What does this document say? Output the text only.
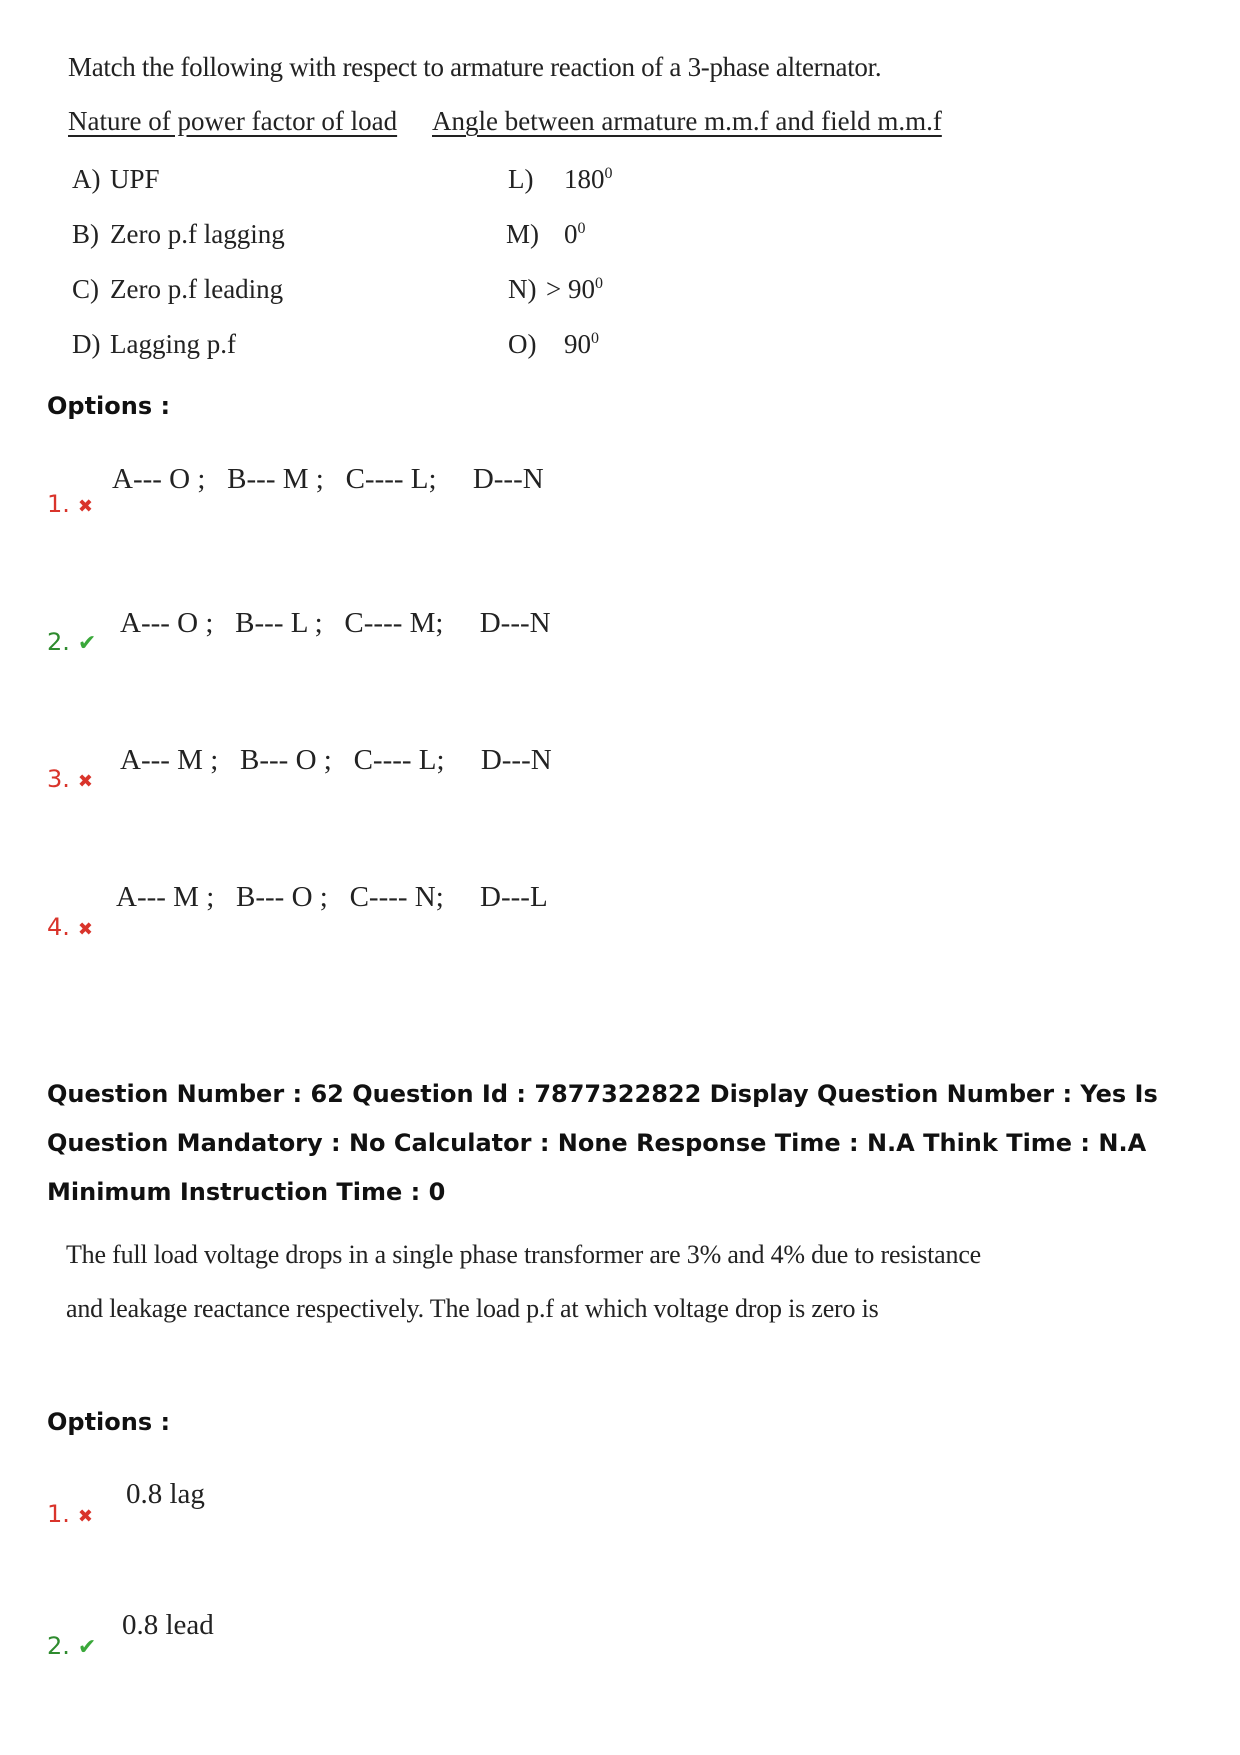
Match the following with respect to armature reaction of a 3-phase alternator.
Nature of power factor of load Angle between armature m.m.f and field m.m.f
A) UPF
B) Zero p.f lagging
C) Zero p.f leading
D) Lagging p.f
L) $180^0$
M) $0^0$
$N) > 90^0$
O) $90^0$
Options :
1. ✖
A--- O ;   B--- M ;   C---- L;     D---N
2. ✔
A--- O ;   B--- L ;   C---- M;     D---N
3. ✖
A--- M ;   B--- O ;   C---- L;     D---N
4. ✖
A--- M ;   B--- O ;   C---- N;     D---L
Question Number : 62 Question Id : 7877322822 Display Question Number : Yes Is Question Mandatory : No Calculator : None Response Time : N.A Think Time : N.A Minimum Instruction Time : 0
The full load voltage drops in a single phase transformer are 3% and 4% due to resistance
and leakage reactance respectively. The load p.f at which voltage drop is zero is
Options :
1. ✖
0.8 lag
2. ✔
0.8 lead
